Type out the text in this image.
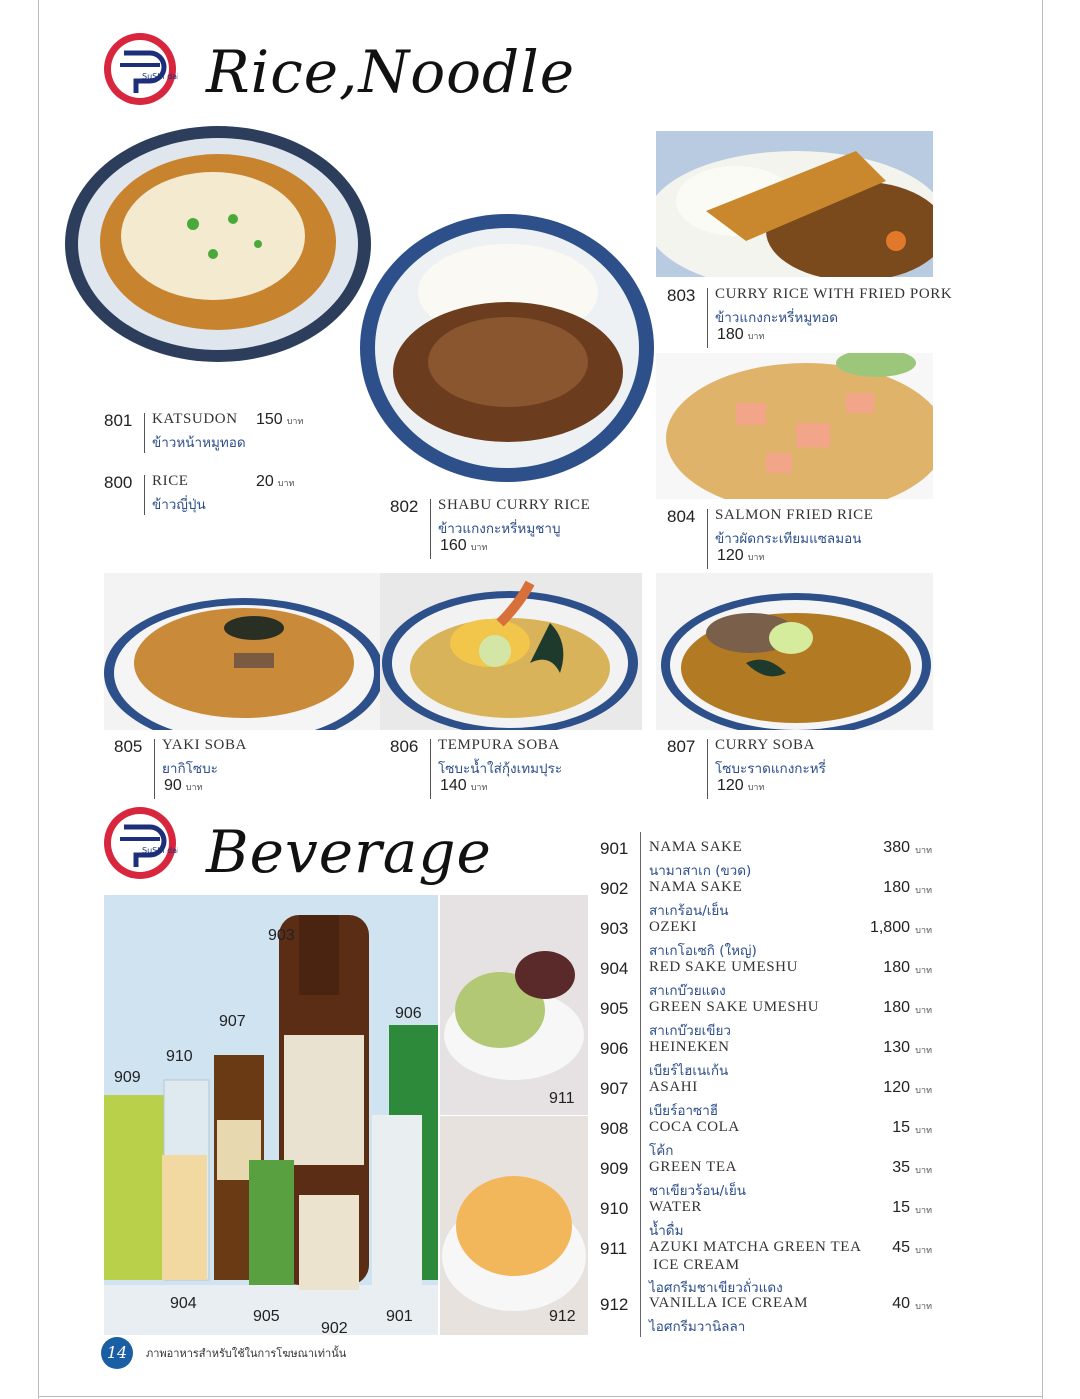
SuShi dai Rice,Noodle
801 KATSUDON
ข้าวหน้าหมูทอด
150 บาท
800 RICE
ข้าวญี่ปุ่น
20 บาท
802 SHABU CURRY RICE
ข้าวแกงกะหรี่หมูชาบู
160 บาท
803 CURRY RICE WITH FRIED PORK
ข้าวแกงกะหรี่หมูทอด
180 บาท
804 SALMON FRIED RICE
ข้าวผัดกระเทียมแซลมอน
120 บาท
805 YAKI SOBA
ยากิโซบะ
90 บาท
806 TEMPURA SOBA
โซบะน้ำใส่กุ้งเทมปุระ
140 บาท
807 CURRY SOBA
โซบะราดแกงกะหรี่
120 บาท
SuShi dai Beverage
903
906
907
910
909
904
905
902
901
911
912
901 NAMA SAKE
นามาสาเก (ขวด)
380 บาท
902 NAMA SAKE
สาเกร้อน/เย็น
180 บาท
903 OZEKI
สาเกโอเซกิ (ใหญ่)
1,800 บาท
904 RED SAKE UMESHU
สาเกบ๊วยแดง
180 บาท
905 GREEN SAKE UMESHU
สาเกบ๊วยเขียว
180 บาท
906 HEINEKEN
เบียร์ไฮเนเก้น
130 บาท
907 ASAHI
เบียร์อาซาฮี
120 บาท
908 COCA COLA
โค้ก
15 บาท
909 GREEN TEA
ชาเขียวร้อน/เย็น
35 บาท
910 WATER
น้ำดื่ม
15 บาท
911 AZUKI MATCHA GREEN TEA
ICE CREAM
ไอศกรีมชาเขียวถั่วแดง
45 บาท
912 VANILLA ICE CREAM
ไอศกรีมวานิลลา
40 บาท
14	ภาพอาหารสำหรับใช้ในการโฆษณาเท่านั้น
